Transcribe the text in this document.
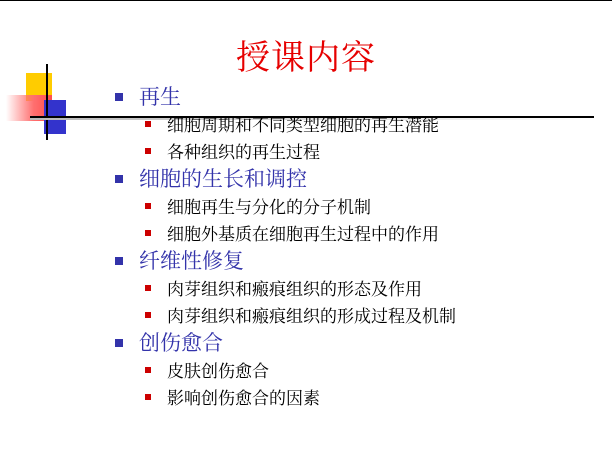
授课内容
再生
细胞周期和不同类型细胞的再生潜能
各种组织的再生过程
细胞的生长和调控
细胞再生与分化的分子机制
细胞外基质在细胞再生过程中的作用
纤维性修复
肉芽组织和瘢痕组织的形态及作用
肉芽组织和瘢痕组织的形成过程及机制
创伤愈合
皮肤创伤愈合
影响创伤愈合的因素
